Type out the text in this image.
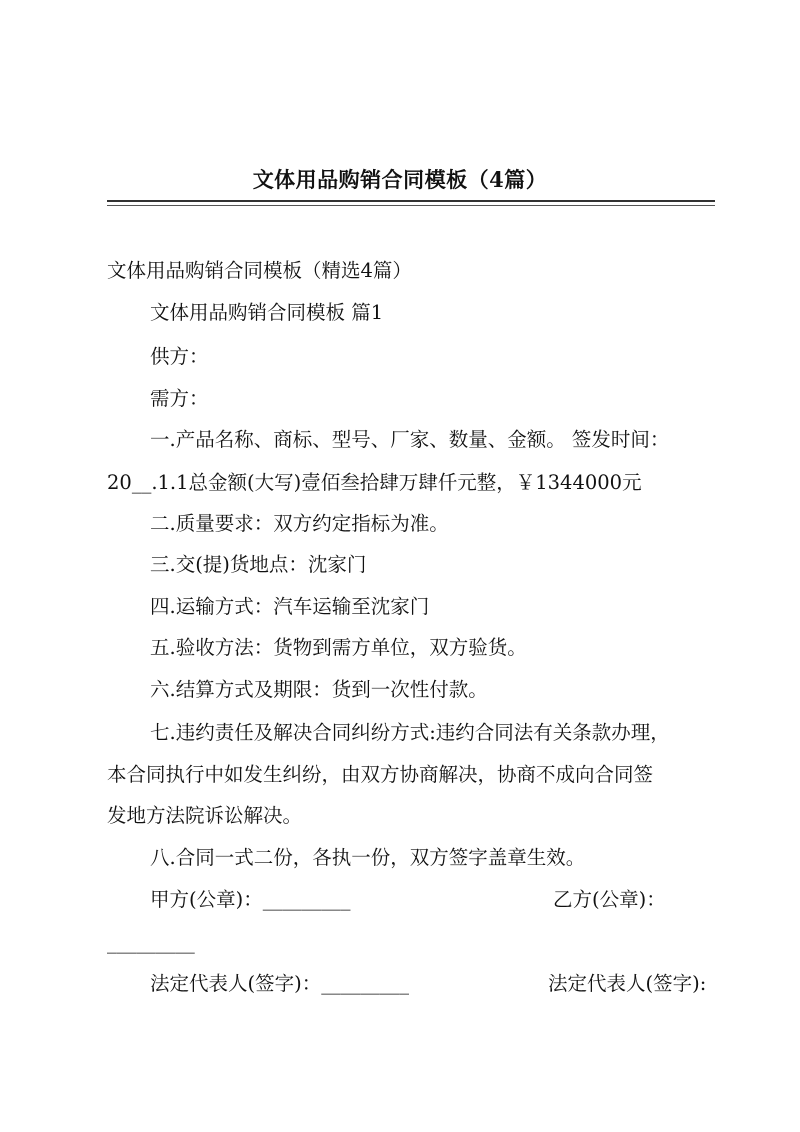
文体用品购销合同模板（4篇）
文体用品购销合同模板（精选4篇）
文体用品购销合同模板 篇1
供方：
需方：
一.产品名称、商标、型号、厂家、数量、金额。 签发时间：
20__.1.1总金额(大写)壹佰叁拾肆万肆仟元整，￥1344000元
二.质量要求：双方约定指标为准。
三.交(提)货地点：沈家门
四.运输方式：汽车运输至沈家门
五.验收方法：货物到需方单位，双方验货。
六.结算方式及期限：货到一次性付款。
七.违约责任及解决合同纠纷方式:违约合同法有关条款办理，
本合同执行中如发生纠纷，由双方协商解决，协商不成向合同签
发地方法院诉讼解决。
八.合同一式二份，各执一份，双方签字盖章生效。
甲方(公章)：_________	乙方(公章)：
_________
法定代表人(签字)：_________	法定代表人(签字):
